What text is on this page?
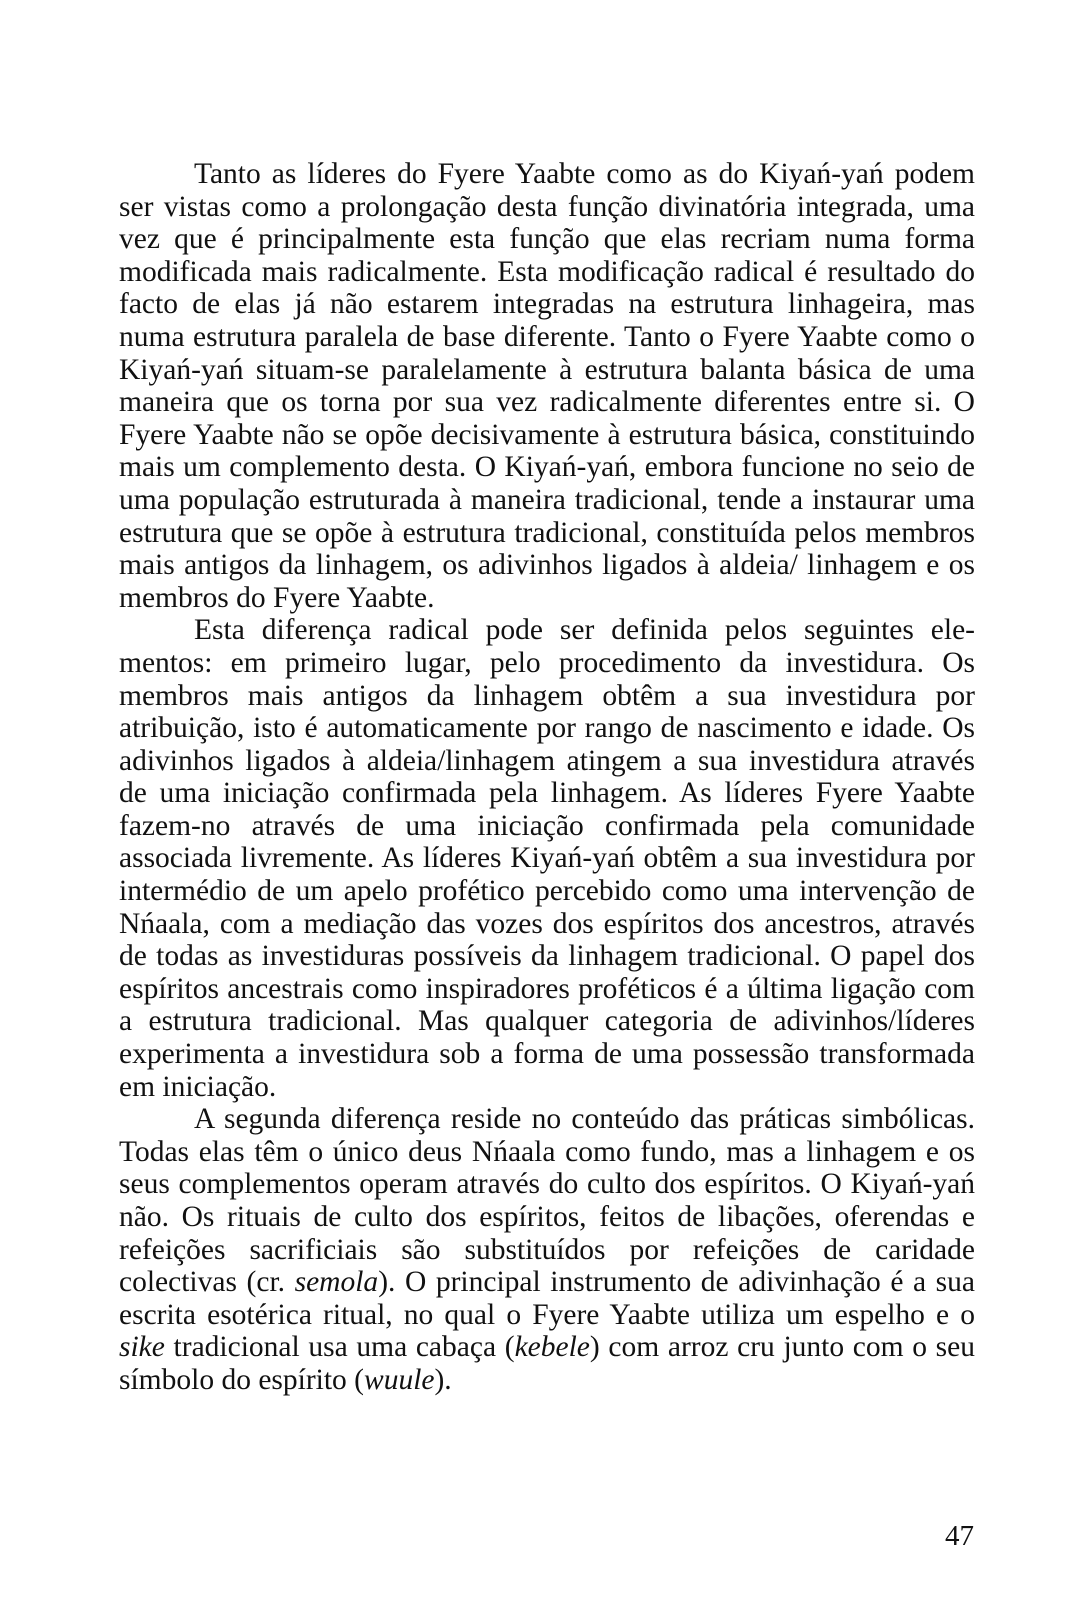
Tanto as líderes do Fyere Yaabte como as do Kiyań-yań podem ser vistas como a prolongação desta função divinatória integrada, uma vez que é principalmente esta função que elas recriam numa forma modificada mais radicalmente. Esta modificação radical é resultado do facto de elas já não estarem integradas na estrutura linhageira, mas numa estrutura paralela de base diferente. Tanto o Fyere Yaabte como o Kiyań-yań situam-se paralelamente à estrutura balanta básica de uma maneira que os torna por sua vez radicalmente diferentes entre si. O Fyere Yaabte não se opõe decisivamente à estrutura básica, constituindo mais um complemento desta. O Kiyań-yań, embora funcione no seio de uma população estruturada à maneira tradicional, tende a instaurar uma estrutura que se opõe à estrutura tradicional, constituída pelos membros mais antigos da linhagem, os adivinhos ligados à aldeia/ linhagem e os membros do Fyere Yaabte.

Esta diferença radical pode ser definida pelos seguintes elementos: em primeiro lugar, pelo procedimento da investidura. Os membros mais antigos da linhagem obtêm a sua investidura por atribuição, isto é automaticamente por rango de nascimento e idade. Os adivinhos ligados à aldeia/linhagem atingem a sua investidura através de uma iniciação confirmada pela linhagem. As líderes Fyere Yaabte fazem-no através de uma iniciação confirmada pela comunidade associada livremente. As líderes Kiyań-yań obtêm a sua investidura por intermédio de um apelo profético percebido como uma intervenção de Nńaala, com a mediação das vozes dos espíritos dos ancestros, através de todas as investiduras possíveis da linhagem tradicional. O papel dos espíritos ancestrais como inspiradores proféticos é a última ligação com a estrutura tradicional. Mas qualquer categoria de adivinhos/líderes experimenta a investidura sob a forma de uma possessão transformada em iniciação.

A segunda diferença reside no conteúdo das práticas simbólicas. Todas elas têm o único deus Nńaala como fundo, mas a linhagem e os seus complementos operam através do culto dos espíritos. O Kiyań-yań não. Os rituais de culto dos espíritos, feitos de libações, oferendas e refeições sacrificiais são substituídos por refeições de caridade colectivas (cr. semola). O principal instrumento de adivinhação é a sua escrita esotérica ritual, no qual o Fyere Yaabte utiliza um espelho e o sike tradicional usa uma cabaça (kebele) com arroz cru junto com o seu símbolo do espírito (wuule).

47
